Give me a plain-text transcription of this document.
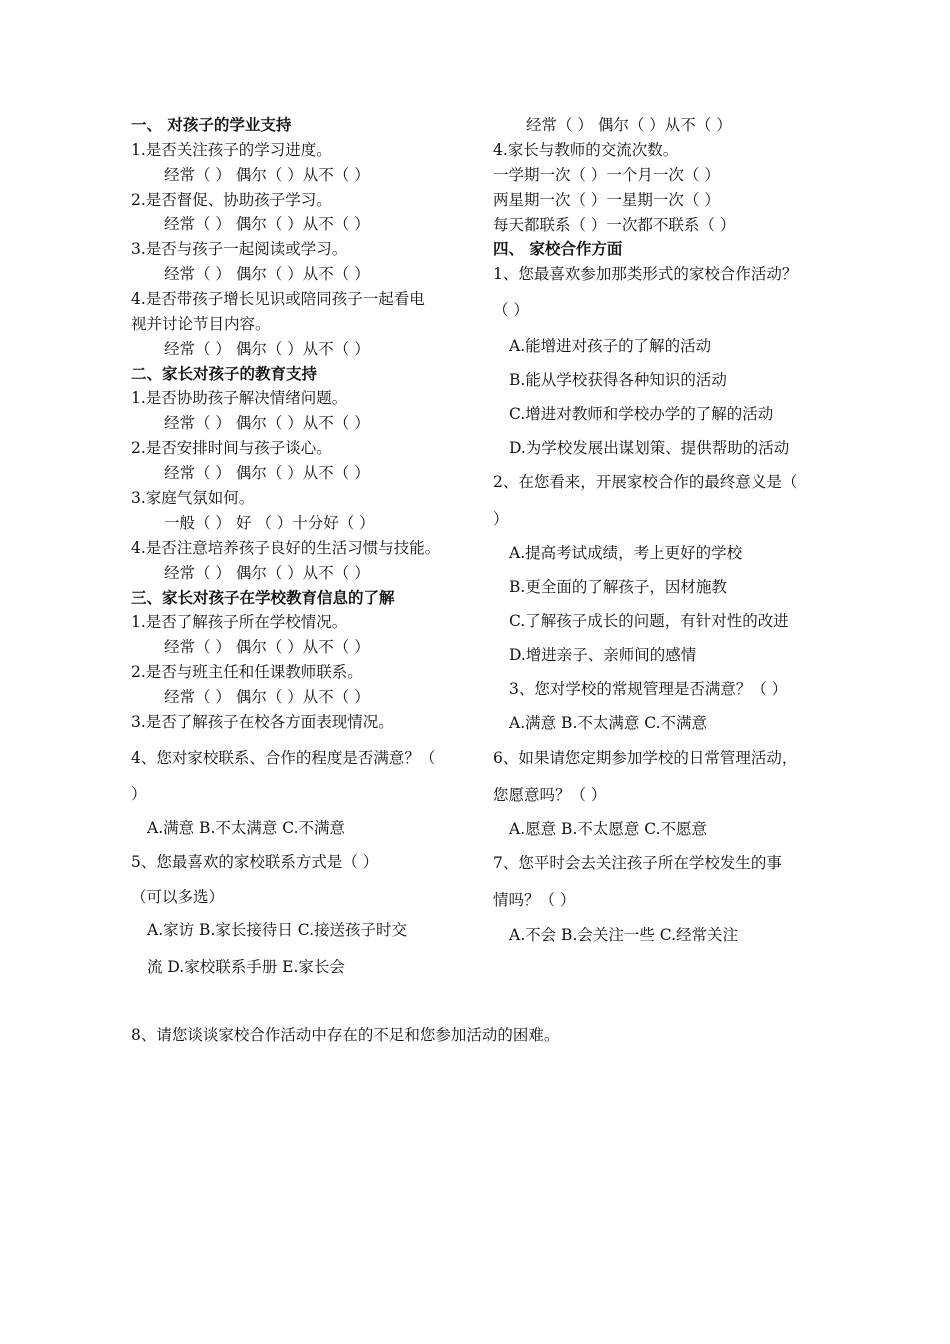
一、 对孩子的学业支持
1.是否关注孩子的学习进度。
经常（ ） 偶尔（ ）从不（ ）
2.是否督促、协助孩子学习。
经常（ ） 偶尔（ ）从不（ ）
3.是否与孩子一起阅读或学习。
经常（ ） 偶尔（ ）从不（ ）
4.是否带孩子增长见识或陪同孩子一起看电
视并讨论节目内容。
经常（ ） 偶尔（ ）从不（ ）
二、家长对孩子的教育支持
1.是否协助孩子解决情绪问题。
经常（ ） 偶尔（ ）从不（ ）
2.是否安排时间与孩子谈心。
经常（ ） 偶尔（ ）从不（ ）
3.家庭气氛如何。
一般（ ） 好 （ ）十分好（ ）
4.是否注意培养孩子良好的生活习惯与技能。
经常（ ） 偶尔（ ）从不（ ）
三、家长对孩子在学校教育信息的了解
1.是否了解孩子所在学校情况。
经常（ ） 偶尔（ ）从不（ ）
2.是否与班主任和任课教师联系。
经常（ ） 偶尔（ ）从不（ ）
3.是否了解孩子在校各方面表现情况。
4、您对家校联系、合作的程度是否满意？（
）
A.满意 B.不太满意 C.不满意
5、您最喜欢的家校联系方式是（ ）
（可以多选）
A.家访 B.家长接待日 C.接送孩子时交
流 D.家校联系手册 E.家长会
经常（ ） 偶尔（ ）从不（ ）
4.家长与教师的交流次数。
一学期一次（ ）一个月一次（ ）
两星期一次（ ）一星期一次（ ）
每天都联系（ ）一次都不联系（ ）
四、 家校合作方面
1、您最喜欢参加那类形式的家校合作活动？
（ ）
A.能增进对孩子的了解的活动
B.能从学校获得各种知识的活动
C.增进对教师和学校办学的了解的活动
D.为学校发展出谋划策、提供帮助的活动
2、在您看来，开展家校合作的最终意义是（
）
A.提高考试成绩，考上更好的学校
B.更全面的了解孩子，因材施教
C.了解孩子成长的问题，有针对性的改进
D.增进亲子、亲师间的感情
3、您对学校的常规管理是否满意？（ ）
A.满意 B.不太满意 C.不满意
6、如果请您定期参加学校的日常管理活动，
您愿意吗？（ ）
A.愿意 B.不太愿意 C.不愿意
7、您平时会去关注孩子所在学校发生的事
情吗？（ ）
A.不会 B.会关注一些 C.经常关注
8、请您谈谈家校合作活动中存在的不足和您参加活动的困难。
